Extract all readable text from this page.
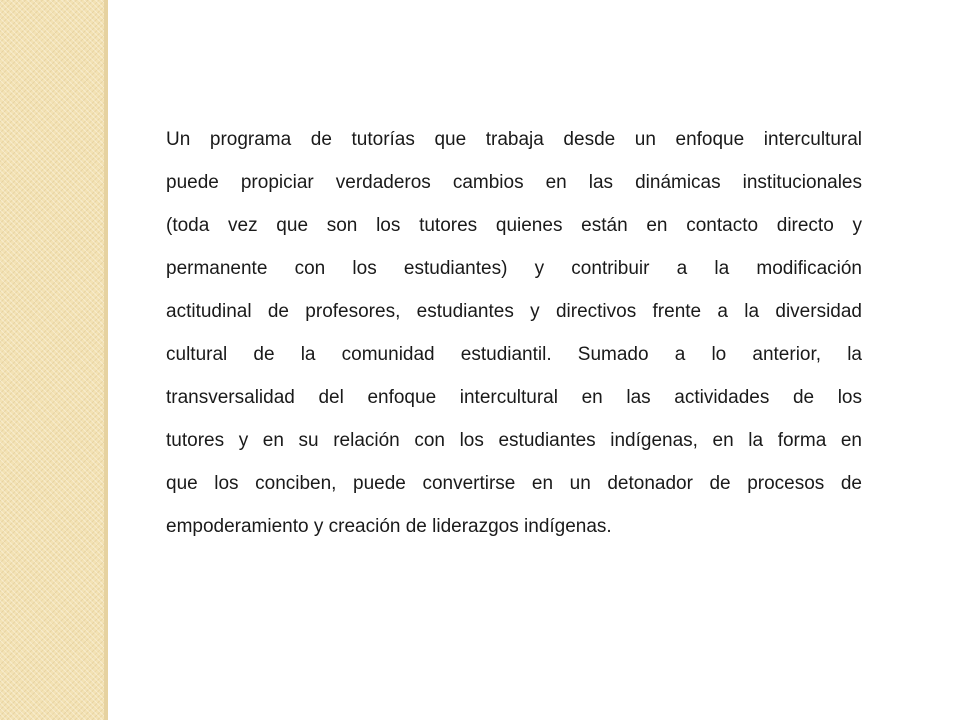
Un programa de tutorías que trabaja desde un enfoque intercultural
puede propiciar verdaderos cambios en las dinámicas institucionales
(toda vez que son los tutores quienes están en contacto directo y
permanente con los estudiantes) y contribuir a la modificación
actitudinal de profesores, estudiantes y directivos frente a la diversidad
cultural de la comunidad estudiantil. Sumado a lo anterior, la
transversalidad del enfoque intercultural en las actividades de los
tutores y en su relación con los estudiantes indígenas, en la forma en
que los conciben, puede convertirse en un detonador de procesos de
empoderamiento y creación de liderazgos indígenas.
